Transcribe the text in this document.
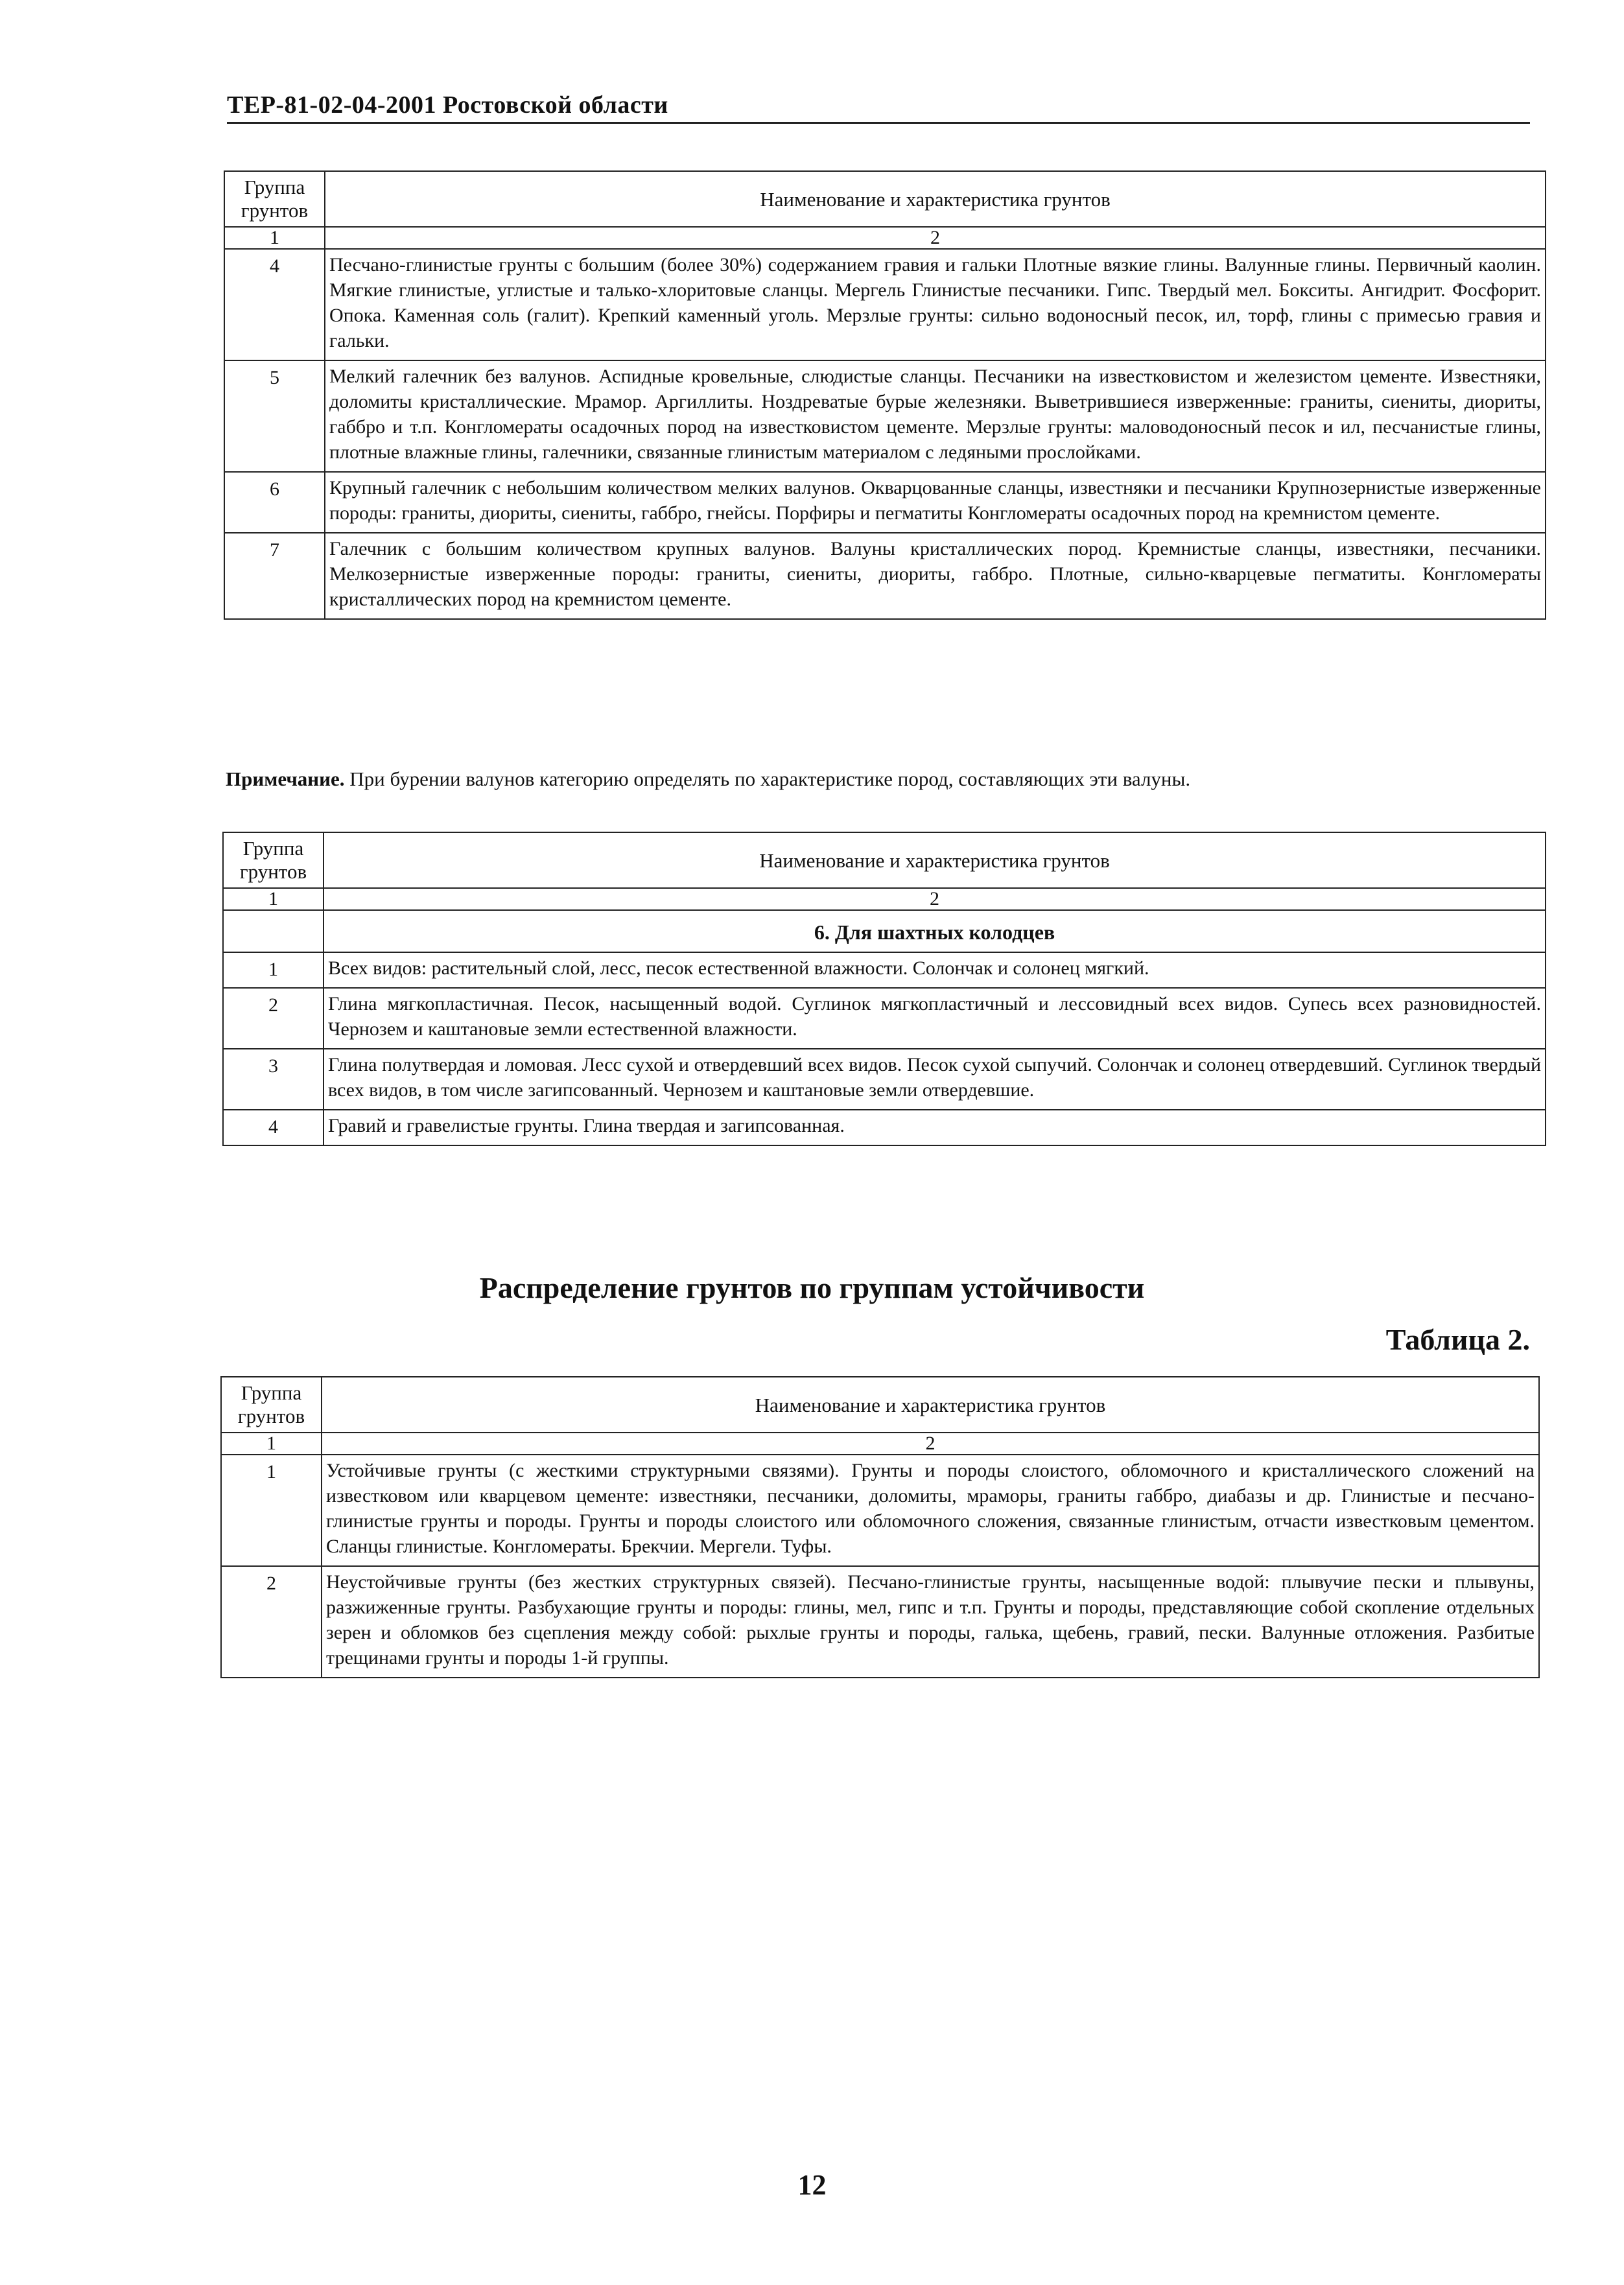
ТЕР-81-02-04-2001 Ростовской области
Группа грунтов	Наименование и характеристика грунтов
1	2
4	Песчано-глинистые грунты с большим (более 30%) содержанием гравия и гальки Плотные вязкие глины. Валунные глины. Первичный каолин. Мягкие глинистые, углистые и талько-хлоритовые сланцы. Мергель Глинистые песчаники. Гипс. Твердый мел. Бокситы. Ангидрит. Фосфорит. Опока. Каменная соль (галит). Крепкий каменный уголь. Мерзлые грунты: сильно водоносный песок, ил, торф, глины с примесью гравия и гальки.
5	Мелкий галечник без валунов. Аспидные кровельные, слюдистые сланцы. Песчаники на известковистом и железистом цементе. Известняки, доломиты кристаллические. Мрамор. Аргиллиты. Ноздреватые бурые железняки. Выветрившиеся изверженные: граниты, сиениты, диориты, габбро и т.п. Конгломераты осадочных пород на известковистом цементе. Мерзлые грунты: маловодоносный песок и ил, песчанистые глины, плотные влажные глины, галечники, связанные глинистым материалом с ледяными прослойками.
6	Крупный галечник с небольшим количеством мелких валунов. Окварцованные сланцы, известняки и песчаники Крупнозернистые изверженные породы: граниты, диориты, сиениты, габбро, гнейсы. Порфиры и пегматиты Конгломераты осадочных пород на кремнистом цементе.
7	Галечник с большим количеством крупных валунов. Валуны кристаллических пород. Кремнистые сланцы, известняки, песчаники. Мелкозернистые изверженные породы: граниты, сиениты, диориты, габбро. Плотные, сильно-кварцевые пегматиты. Конгломераты кристаллических пород на кремнистом цементе.
Примечание. При бурении валунов категорию определять по характеристике пород, составляющих эти валуны.
Группа грунтов	Наименование и характеристика грунтов
1	2
	6. Для шахтных колодцев
1	Всех видов: растительный слой, лесс, песок естественной влажности. Солончак и солонец мягкий.
2	Глина мягкопластичная. Песок, насыщенный водой. Суглинок мягкопластичный и лессовидный всех видов. Супесь всех разновидностей. Чернозем и каштановые земли естественной влажности.
3	Глина полутвердая и ломовая. Лесс сухой и отвердевший всех видов. Песок сухой сыпучий. Солончак и солонец отвердевший. Суглинок твердый всех видов, в том числе загипсованный. Чернозем и каштановые земли отвердевшие.
4	Гравий и гравелистые грунты. Глина твердая и загипсованная.
Распределение грунтов по группам устойчивости
Таблица 2.
Группа грунтов	Наименование и характеристика грунтов
1	2
1	Устойчивые грунты (с жесткими структурными связями). Грунты и породы слоистого, обломочного и кристаллического сложений на известковом или кварцевом цементе: известняки, песчаники, доломиты, мраморы, граниты габбро, диабазы и др. Глинистые и песчано-глинистые грунты и породы. Грунты и породы слоистого или обломочного сложения, связанные глинистым, отчасти известковым цементом. Сланцы глинистые. Конгломераты. Брекчии. Мергели. Туфы.
2	Неустойчивые грунты (без жестких структурных связей). Песчано-глинистые грунты, насыщенные водой: плывучие пески и плывуны, разжиженные грунты. Разбухающие грунты и породы: глины, мел, гипс и т.п. Грунты и породы, представляющие собой скопление отдельных зерен и обломков без сцепления между собой: рыхлые грунты и породы, галька, щебень, гравий, пески. Валунные отложения. Разбитые трещинами грунты и породы 1-й группы.
12
